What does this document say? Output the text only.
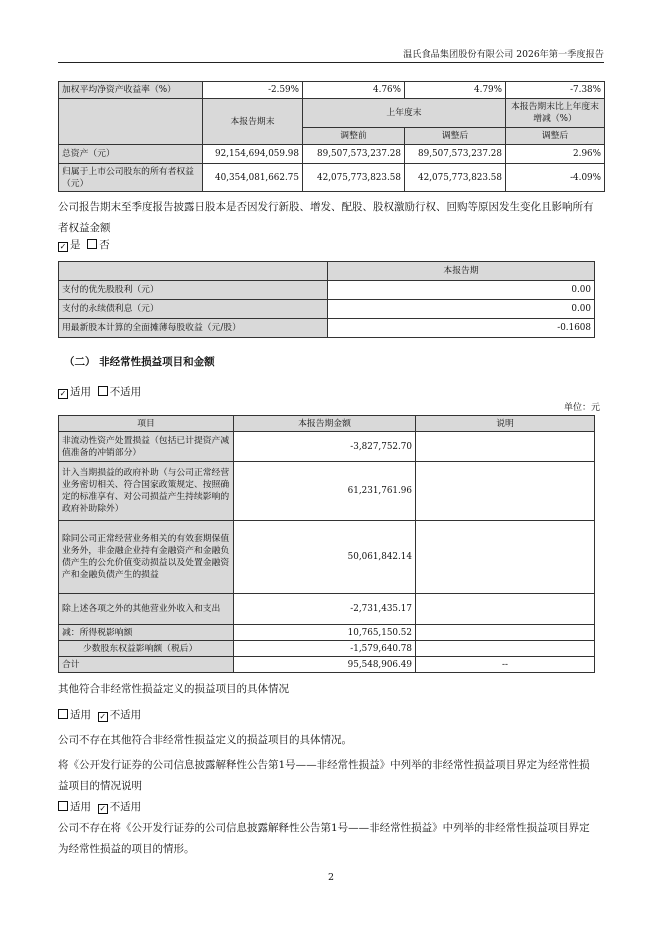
温氏食品集团股份有限公司 2026年第一季度报告
加权平均净资产收益率（%）	-2.59%	4.76%	4.79%	-7.38%
	本报告期末	上年度末		本报告期末比上年度末增减（%）
		调整前	调整后	调整后
总资产（元）	92,154,694,059.98	89,507,573,237.28	89,507,573,237.28	2.96%
归属于上市公司股东的所有者权益（元）	40,354,081,662.75	42,075,773,823.58	42,075,773,823.58	-4.09%
公司报告期末至季度报告披露日股本是否因发行新股、增发、配股、股权激励行权、回购等原因发生变化且影响所有者权益金额
✓ 是 否
	本报告期
支付的优先股股利（元）	0.00
支付的永续债利息（元）	0.00
用最新股本计算的全面摊薄每股收益（元/股）	-0.1608
（二） 非经常性损益项目和金额
✓ 适用 不适用
单位：元
项目	本报告期金额	说明
非流动性资产处置损益（包括已计提资产减值准备的冲销部分）	-3,827,752.70	
计入当期损益的政府补助（与公司正常经营业务密切相关、符合国家政策规定、按照确定的标准享有、对公司损益产生持续影响的政府补助除外）	61,231,761.96	
除同公司正常经营业务相关的有效套期保值业务外，非金融企业持有金融资产和金融负债产生的公允价值变动损益以及处置金融资产和金融负债产生的损益	50,061,842.14	
除上述各项之外的其他营业外收入和支出	-2,731,435.17	
减：所得税影响额	10,765,150.52	
少数股东权益影响额（税后）	-1,579,640.78	
合计	95,548,906.49	--
其他符合非经常性损益定义的损益项目的具体情况
适用 ✓ 不适用
公司不存在其他符合非经常性损益定义的损益项目的具体情况。
将《公开发行证券的公司信息披露解释性公告第1号——非经常性损益》中列举的非经常性损益项目界定为经常性损益项目的情况说明
适用 ✓ 不适用
公司不存在将《公开发行证券的公司信息披露解释性公告第1号——非经常性损益》中列举的非经常性损益项目界定为经常性损益的项目的情形。
2
